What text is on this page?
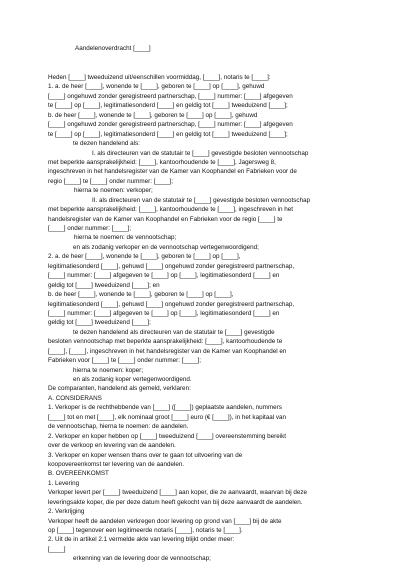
Aandelenoverdracht [____]
Heden [____] tweeduizend uit/eenschillen voormiddag, [____], notaris te [____]:
1. a. de heer [____], wonende te [____], geboren te [____] op [____], gehuwd
[____] ongehuwd zonder geregistreerd partnerschap, [____] nummer: [____] afgegeven
te [____] op [____], legitimatiesonderd [____] en geldig tot [____] tweeduizend [____];
b. de heer [____], wonende te [____], geboren te [____] op [____], gehuwd
[____] ongehuwd zonder geregistreerd partnerschap, [____] nummer: [____] afgegeven
te [____] op [____], legitimatiesonderd [____] en geldig tot [____] tweeduizend [____];
te dezen handelend als:
I. als directeuren van de statutair te [____] gevestigde besloten vennootschap
met beperkte aansprakelijkheid: [____], kantoorhoudende te [____], Jagersweg 8,
ingeschreven in het handelsregister van de Kamer van Koophandel en Fabrieken voor de
regio [____] te [____] onder nummer: [____];
hierna te noemen: verkoper;
II. als directeuren van de statutair te [____] gevestigde besloten vennootschap
met beperkte aansprakelijkheid: [____], kantoorhoudende te [____], ingeschreven in het
handelsregister van de Kamer van Koophandel en Fabrieken voor de regio [____] te
[____] onder nummer: [____];
hierna te noemen: de vennootschap;
en als zodanig verkoper en de vennootschap vertegenwoordigend;
2. a. de heer [____], wonende te [____], geboren te [____] op [____],
legitimatiesonderd [____], gehuwd [____] ongehuwd zonder geregistreerd partnerschap,
[____] nummer: [____] afgegeven te [____] op [____], legitimatiesonderd [____] en
geldig tot [____] tweeduizend [____]; en
b. de heer [____], wonende te [____], geboren te [____] op [____],
legitimatiesonderd [____], gehuwd [____] ongehuwd zonder geregistreerd partnerschap,
[____] nummer: [____] afgegeven te [____] op [____], legitimatiesonderd [____] en
geldig tot [____] tweeduizend [____];
te dezen handelend als directeuren van de statutair te [____] gevestigde
besloten vennootschap met beperkte aansprakelijkheid: [____], kantoorhoudende te
[____], [____], ingeschreven in het handelsregister van de Kamer van Koophandel en
Fabrieken voor [____] te [____] onder nummer: [____];
hierna te noemen: koper;
en als zodanig koper vertegenwoordigend.
De comparanten, handelend als gemeld, verklaren:
A. CONSIDERANS
1. Verkoper is de rechthebbende van [____] ([____]) geplaatste aandelen, nummers
[____] tot en met [____], elk nominaal groot [____] euro (€ [____]), in het kapitaal van
de vennootschap, hierna te noemen: de aandelen.
2. Verkoper en koper hebben op [____] tweeduizend [____] overeenstemming bereikt
over de verkoop en levering van de aandelen.
3. Verkoper en koper wensen thans over te gaan tot uitvoering van de
koopovereenkomst ter levering van de aandelen.
B. OVEREENKOMST
1. Levering
Verkoper levert per [____] tweeduizend [____] aan koper, die ze aanvaardt, waarvan bij deze
leveringsakte koper, die per deze datum heeft gekocht van bij deze aanvaardt de aandelen.
2. Verkrijging
Verkoper heeft de aandelen verkregen door levering op grond van [____] bij de akte
op [____] tegenover een legitimeerde notaris [____], notaris te [____].
2. Uit de in artikel 2.1 vermelde akte van levering blijkt onder meer:
[____]
erkenning van de levering door de vennootschap;
